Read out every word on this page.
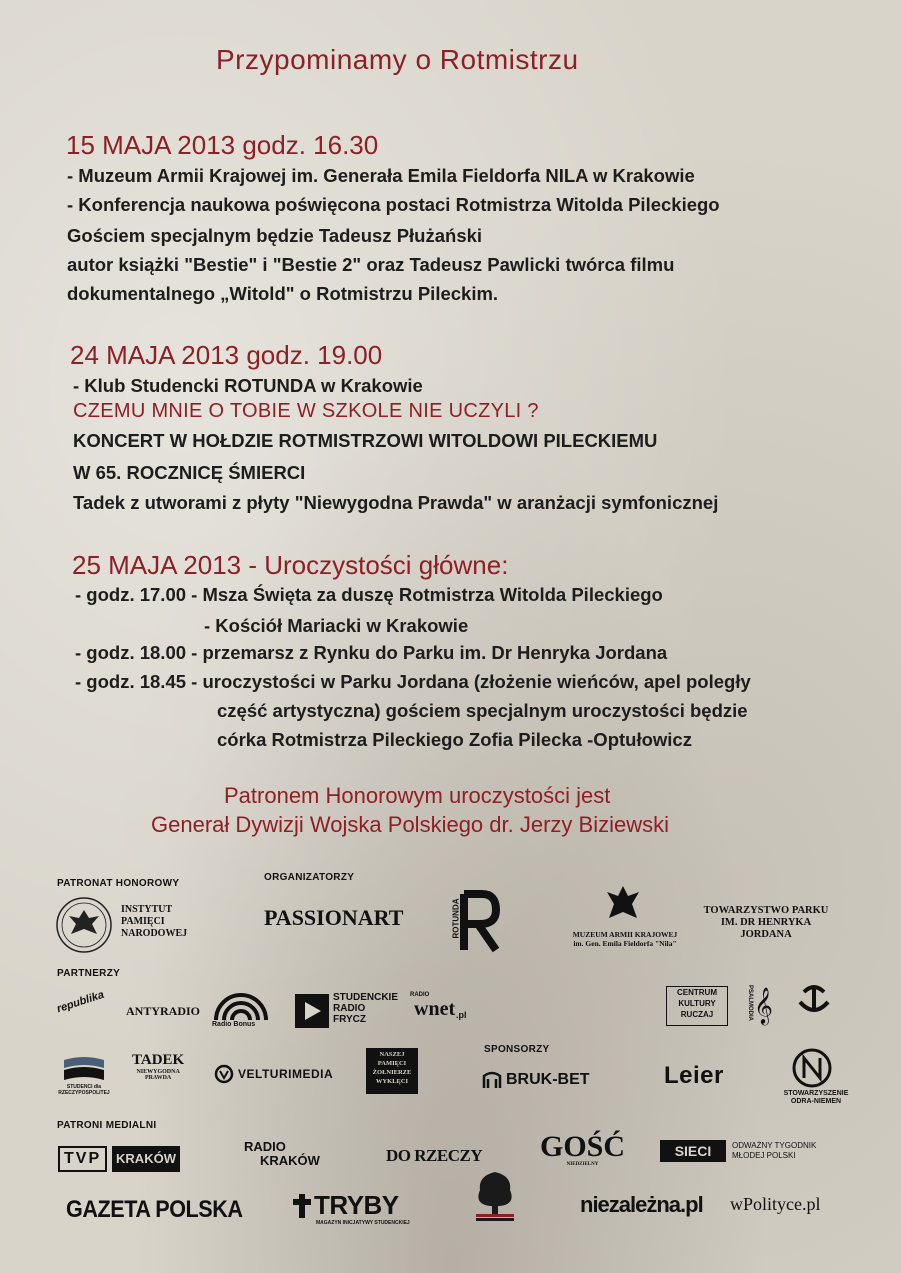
Przypominamy o Rotmistrzu
15 MAJA 2013 godz. 16.30
- Muzeum Armii Krajowej im. Generała Emila Fieldorfa NILA w Krakowie
- Konferencja naukowa poświęcona postaci Rotmistrza Witolda Pileckiego
Gościem specjalnym będzie Tadeusz Płużański
autor książki "Bestie" i "Bestie 2" oraz Tadeusz Pawlicki twórca filmu
dokumentalnego „Witold" o Rotmistrzu Pileckim.
24 MAJA 2013 godz. 19.00
- Klub Studencki ROTUNDA w Krakowie
CZEMU MNIE O TOBIE W SZKOLE NIE UCZYLI ?
KONCERT W HOŁDZIE ROTMISTRZOWI WITOLDOWI PILECKIEMU
W 65. ROCZNICĘ ŚMIERCI
Tadek z utworami z płyty "Niewygodna Prawda" w aranżacji symfonicznej
25 MAJA 2013 - Uroczystości główne:
- godz. 17.00 - Msza Święta za duszę Rotmistrza Witolda Pileckiego
- Kościół Mariacki w Krakowie
- godz. 18.00 - przemarsz z Rynku do Parku im. Dr Henryka Jordana
- godz. 18.45 - uroczystości w Parku Jordana (złożenie wieńców, apel poległy
część artystyczna) gościem specjalnym uroczystości będzie
córka Rotmistrza Pileckiego Zofia Pilecka -Optułowicz
Patronem Honorowym uroczystości jest
Generał Dywizji Wojska Polskiego dr. Jerzy Biziewski
PATRONAT HONOROWY
ORGANIZATORZY
INSTYTUT
PAMIĘCI
NARODOWEJ
PASSIONART	ROTUNDA	MUZEUM ARMII KRAJOWEJ
im. Gen. Emila Fieldorfa "Nila"
TOWARZYSTWO PARKU
IM. DR HENRYKA JORDANA
PARTNERZY
republika ANTYRADIO
Radio Bonus
STUDENCKIE
RADIO
FRYCZ
RADIO
wnet .pl
CENTRUM
KULTURY
RUCZAJ	PSALMODIA 𝄞
STUDENCI dla RZECZYPOSPOLITEJ
TADEK
NIEWYGODNA
PRAWDA	VELTURIMEDIA
NASZEJ
PAMIĘCI
ŻOŁNIERZE
WYKLĘCI
SPONSORZY
BRUK-BET	Leier
STOWARZYSZENIE
ODRA-NIEMEN
PATRONI MEDIALNI
TVP	KRAKÓW
RADIO
KRAKÓW	DO RZECZY GOŚĆ
NIEDZIELNY
SIECI	ODWAŻNY TYGODNIK
MŁODEJ POLSKI
GAZETA POLSKA	TRYBY
MAGAZYN INICJATYWY STUDENCKIEJ
niezależna.pl wPolityce.pl
